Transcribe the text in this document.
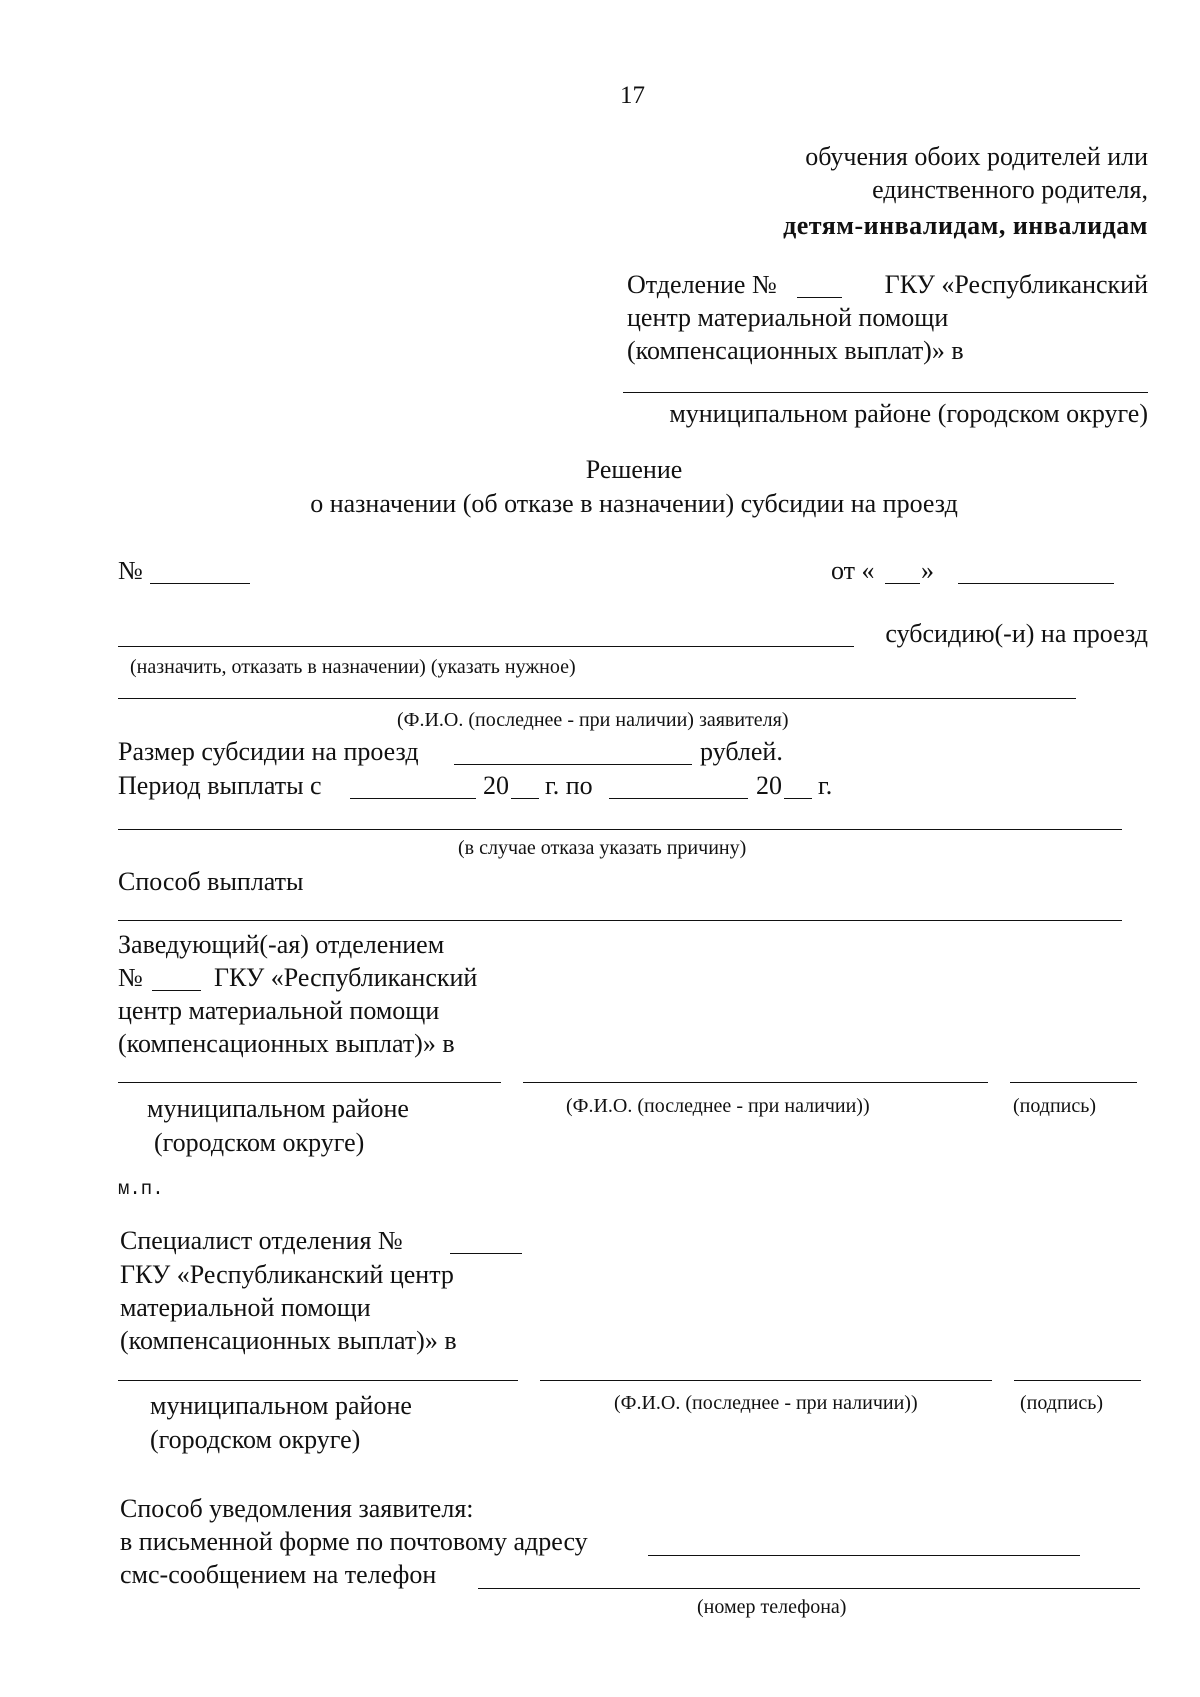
17
обучения обоих родителей или
единственного родителя,
детям-инвалидам, инвалидам
Отделение №	ГКУ «Республиканский
центр материальной помощи
(компенсационных выплат)» в
муниципальном районе (городском округе)
Решение
о назначении (об отказе в назначении) субсидии на проезд
№	от « »
субсидию(-и) на проезд
(назначить, отказать в назначении) (указать нужное)
(Ф.И.О. (последнее - при наличии) заявителя)
Размер субсидии на проезд	рублей.
Период выплаты с	20 г. по	20 г.
(в случае отказа указать причину)
Способ выплаты
Заведующий(-ая) отделением
№	ГКУ «Республиканский
центр материальной помощи
(компенсационных выплат)» в
муниципальном районе
(городском округе)
(Ф.И.О. (последнее - при наличии))	(подпись)
м.п.
Специалист отделения №
ГКУ «Республиканский центр
материальной помощи
(компенсационных выплат)» в
муниципальном районе
(городском округе)
(Ф.И.О. (последнее - при наличии))	(подпись)
Способ уведомления заявителя:
в письменной форме по почтовому адресу
смс-сообщением на телефон
(номер телефона)
